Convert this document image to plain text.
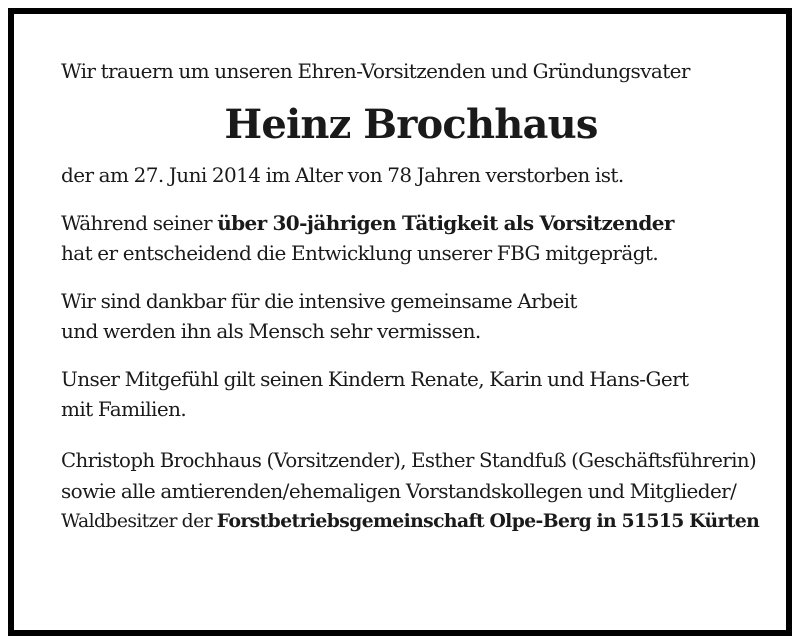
Wir trauern um unseren Ehren-Vorsitzenden und Gründungsvater
Heinz Brochhaus
der am 27. Juni 2014 im Alter von 78 Jahren verstorben ist.
Während seiner über 30-jährigen Tätigkeit als Vorsitzender
hat er entscheidend die Entwicklung unserer FBG mitgeprägt.
Wir sind dankbar für die intensive gemeinsame Arbeit
und werden ihn als Mensch sehr vermissen.
Unser Mitgefühl gilt seinen Kindern Renate, Karin und Hans-Gert
mit Familien.
Christoph Brochhaus (Vorsitzender), Esther Standfuß (Geschäftsführerin)
sowie alle amtierenden/ehemaligen Vorstandskollegen und Mitglieder/
Waldbesitzer der Forstbetriebsgemeinschaft Olpe-Berg in 51515 Kürten
